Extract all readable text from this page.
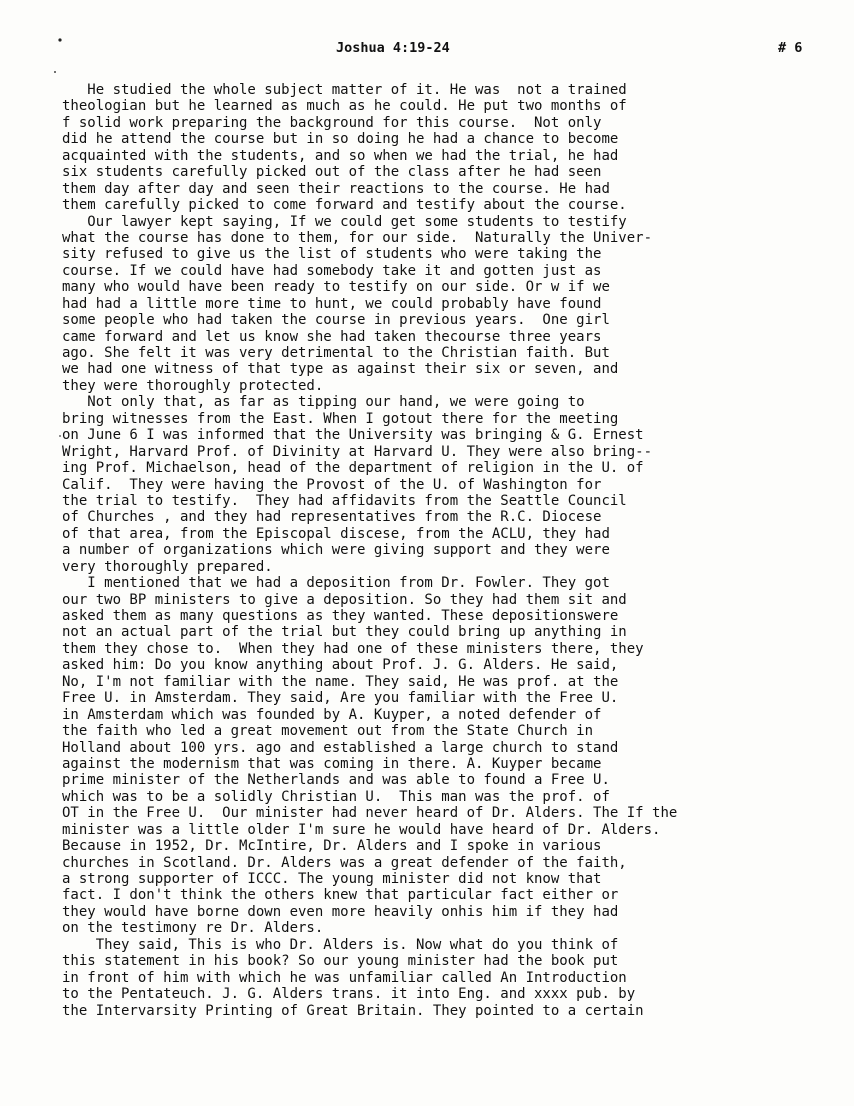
Joshua 4:19-24	# 6
He studied the whole subject matter of it. He was  not a trained
theologian but he learned as much as he could. He put two months of
f solid work preparing the background for this course.  Not only
did he attend the course but in so doing he had a chance to become
acquainted with the students, and so when we had the trial, he had
six students carefully picked out of the class after he had seen
them day after day and seen their reactions to the course. He had
them carefully picked to come forward and testify about the course.
Our lawyer kept saying, If we could get some students to testify
what the course has done to them, for our side.  Naturally the Univer-
sity refused to give us the list of students who were taking the
course. If we could have had somebody take it and gotten just as
many who would have been ready to testify on our side. Or w if we
had had a little more time to hunt, we could probably have found
some people who had taken the course in previous years.  One girl
came forward and let us know she had taken thecourse three years
ago. She felt it was very detrimental to the Christian faith. But
we had one witness of that type as against their six or seven, and
they were thoroughly protected.
Not only that, as far as tipping our hand, we were going to
bring witnesses from the East. When I gotout there for the meeting
on June 6 I was informed that the University was bringing & G. Ernest
Wright, Harvard Prof. of Divinity at Harvard U. They were also bring--
ing Prof. Michaelson, head of the department of religion in the U. of
Calif.  They were having the Provost of the U. of Washington for
the trial to testify.  They had affidavits from the Seattle Council
of Churches , and they had representatives from the R.C. Diocese
of that area, from the Episcopal discese, from the ACLU, they had
a number of organizations which were giving support and they were
very thoroughly prepared.
I mentioned that we had a deposition from Dr. Fowler. They got
our two BP ministers to give a deposition. So they had them sit and
asked them as many questions as they wanted. These depositionswere
not an actual part of the trial but they could bring up anything in
them they chose to.  When they had one of these ministers there, they
asked him: Do you know anything about Prof. J. G. Alders. He said,
No, I'm not familiar with the name. They said, He was prof. at the
Free U. in Amsterdam. They said, Are you familiar with the Free U.
in Amsterdam which was founded by A. Kuyper, a noted defender of
the faith who led a great movement out from the State Church in
Holland about 100 yrs. ago and established a large church to stand
against the modernism that was coming in there. A. Kuyper became
prime minister of the Netherlands and was able to found a Free U.
which was to be a solidly Christian U.  This man was the prof. of
OT in the Free U.  Our minister had never heard of Dr. Alders. The If the
minister was a little older I'm sure he would have heard of Dr. Alders.
Because in 1952, Dr. McIntire, Dr. Alders and I spoke in various
churches in Scotland. Dr. Alders was a great defender of the faith,
a strong supporter of ICCC. The young minister did not know that
fact. I don't think the others knew that particular fact either or
they would have borne down even more heavily onhis him if they had
on the testimony re Dr. Alders.
They said, This is who Dr. Alders is. Now what do you think of
this statement in his book? So our young minister had the book put
in front of him with which he was unfamiliar called An Introduction
to the Pentateuch. J. G. Alders trans. it into Eng. and xxxx pub. by
the Intervarsity Printing of Great Britain. They pointed to a certain
